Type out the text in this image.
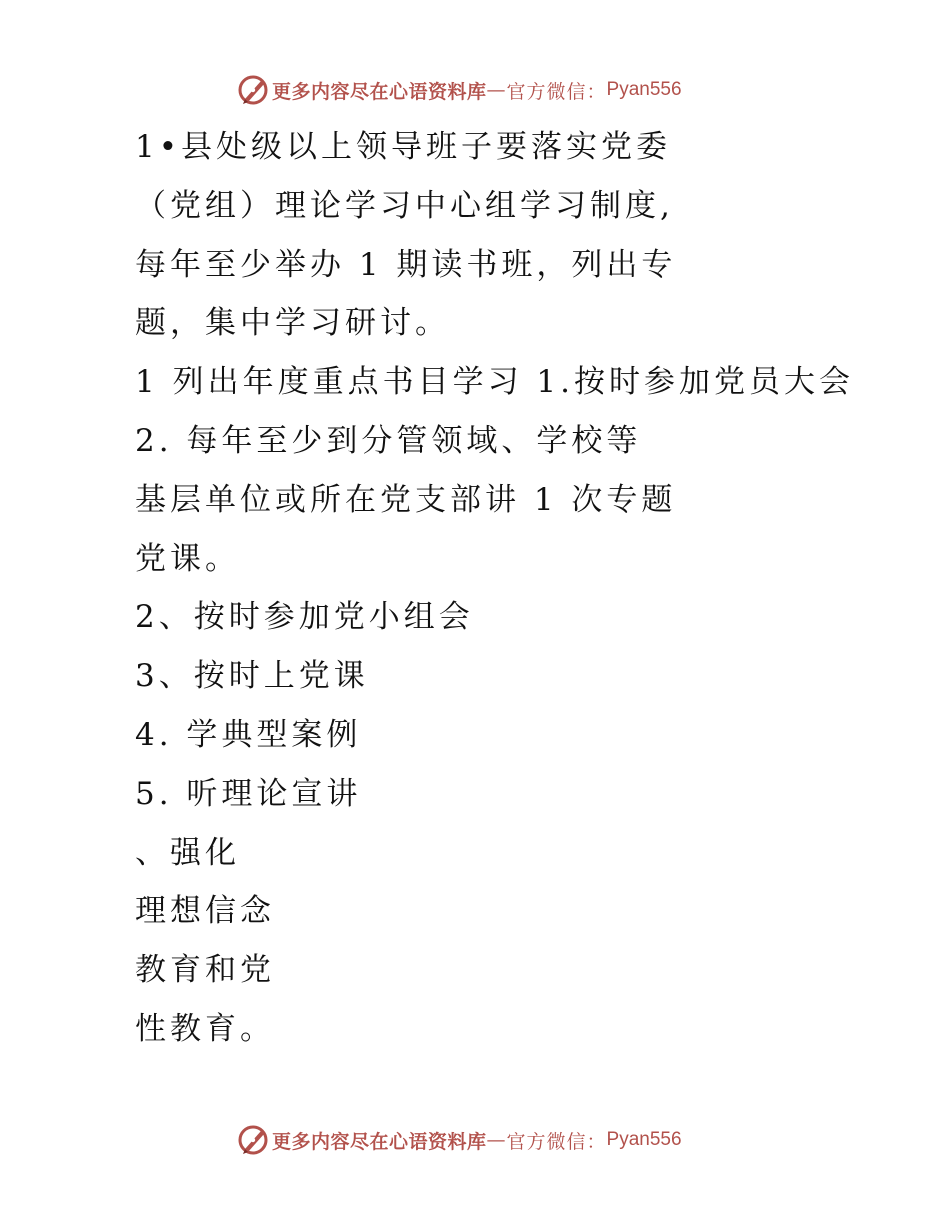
更多内容尽在心语资料库 — 官方微信： Pyan556
1•县处级以上领导班子要落实党委
（党组）理论学习中心组学习制度,
每年至少举办 1 期读书班，列出专
题，集中学习研讨。
1 列出年度重点书目学习 1.按时参加党员大会
2. 每年至少到分管领域、学校等
基层单位或所在党支部讲 1 次专题
党课。
2、按时参加党小组会
3、按时上党课
4. 学典型案例
5. 听理论宣讲
、强化
理想信念
教育和党
性教育。
更多内容尽在心语资料库 — 官方微信： Pyan556
